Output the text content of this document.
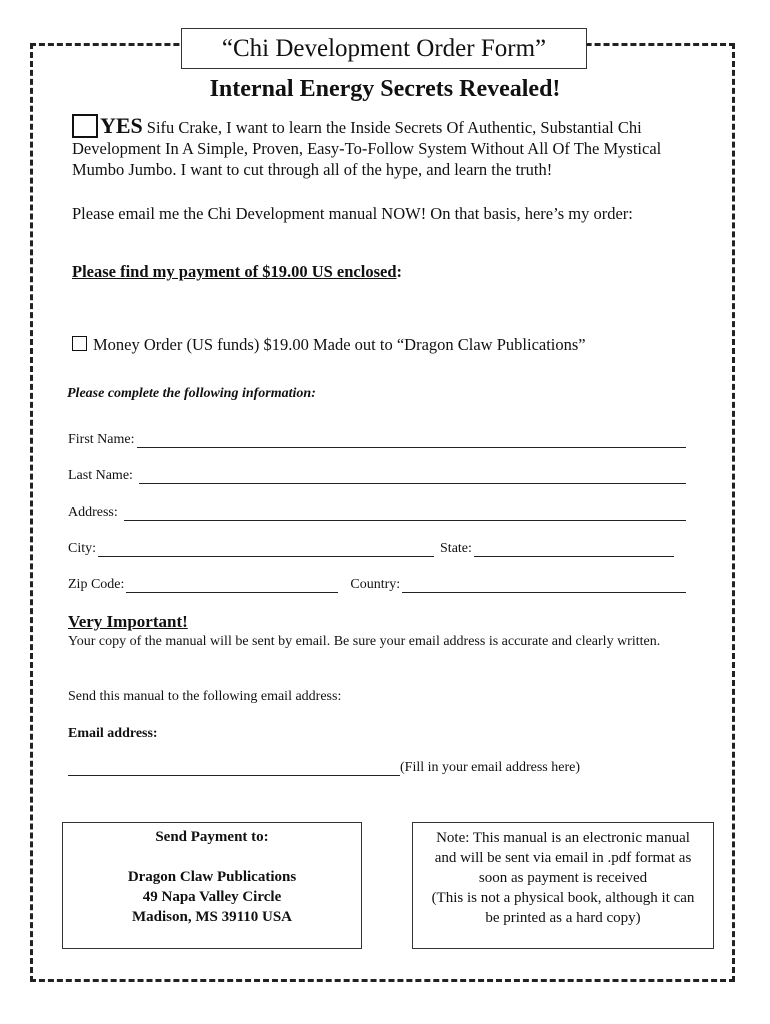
“Chi Development Order Form”
Internal Energy Secrets Revealed!
YES Sifu Crake, I want to learn the Inside Secrets Of Authentic, Substantial Chi Development In A Simple, Proven, Easy-To-Follow System Without All Of The Mystical Mumbo Jumbo. I want to cut through all of the hype, and learn the truth!
Please email me the Chi Development manual NOW! On that basis, here’s my order:
Please find my payment of $19.00 US enclosed:
Money Order (US funds) $19.00 Made out to “Dragon Claw Publications”
Please complete the following information:
First Name:
Last Name:
Address:
City:	State:
Zip Code:	Country:
Very Important!
Your copy of the manual will be sent by email. Be sure your email address is accurate and clearly written.
Send this manual to the following email address:
Email address:
(Fill in your email address here)
Send Payment to:
Dragon Claw Publications
49 Napa Valley Circle
Madison, MS 39110 USA
Note: This manual is an electronic manual
and will be sent via email in .pdf format as
soon as payment is received
(This is not a physical book, although it can
be printed as a hard copy)
